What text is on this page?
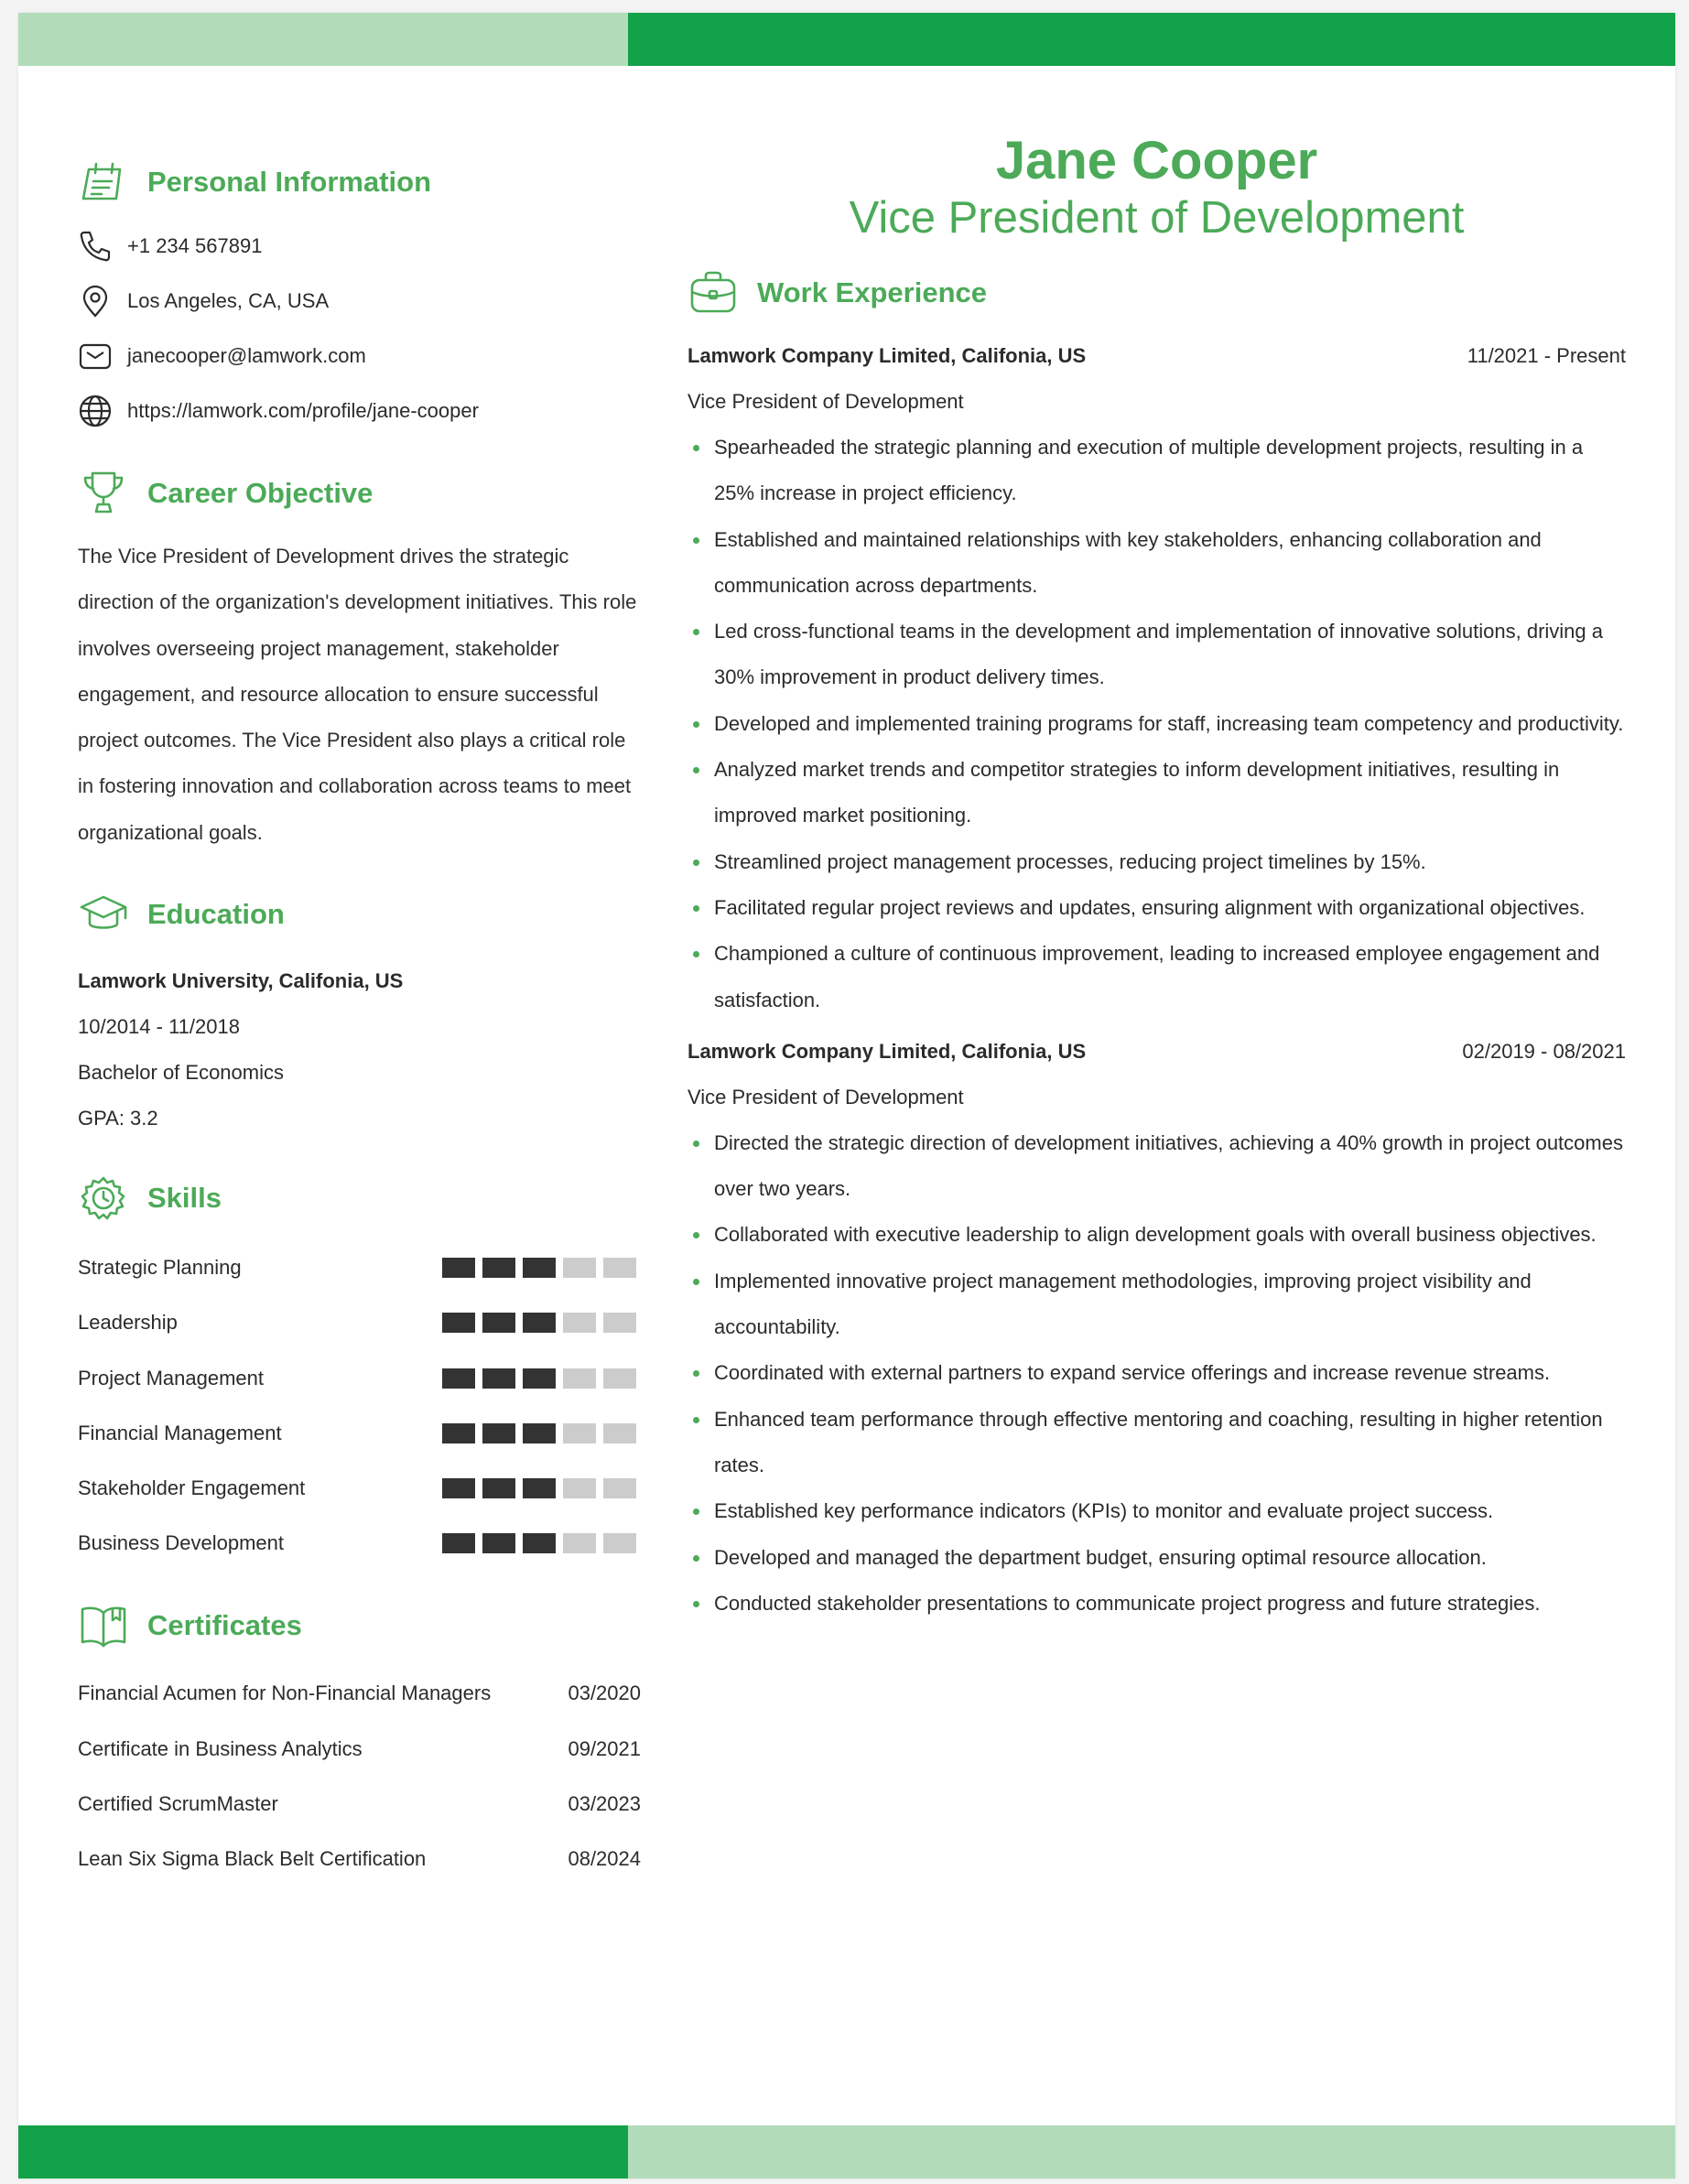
Personal Information
+1 234 567891
Los Angeles, CA, USA
janecooper@lamwork.com
https://lamwork.com/profile/jane-cooper
Career Objective
The Vice President of Development drives the strategic direction of the organization's development initiatives. This role involves overseeing project management, stakeholder engagement, and resource allocation to ensure successful project outcomes. The Vice President also plays a critical role in fostering innovation and collaboration across teams to meet organizational goals.
Education
Lamwork University, Califonia, US
10/2014 - 11/2018
Bachelor of Economics
GPA: 3.2
Skills
Strategic Planning
Leadership
Project Management
Financial Management
Stakeholder Engagement
Business Development
Certificates
Financial Acumen for Non-Financial Managers	03/2020
Certificate in Business Analytics	09/2021
Certified ScrumMaster	03/2023
Lean Six Sigma Black Belt Certification	08/2024
Jane Cooper
Vice President of Development
Work Experience
Lamwork Company Limited, Califonia, US	11/2021 - Present
Vice President of Development
Spearheaded the strategic planning and execution of multiple development projects, resulting in a 25% increase in project efficiency.
Established and maintained relationships with key stakeholders, enhancing collaboration and communication across departments.
Led cross-functional teams in the development and implementation of innovative solutions, driving a 30% improvement in product delivery times.
Developed and implemented training programs for staff, increasing team competency and productivity.
Analyzed market trends and competitor strategies to inform development initiatives, resulting in improved market positioning.
Streamlined project management processes, reducing project timelines by 15%.
Facilitated regular project reviews and updates, ensuring alignment with organizational objectives.
Championed a culture of continuous improvement, leading to increased employee engagement and satisfaction.
Lamwork Company Limited, Califonia, US	02/2019 - 08/2021
Vice President of Development
Directed the strategic direction of development initiatives, achieving a 40% growth in project outcomes over two years.
Collaborated with executive leadership to align development goals with overall business objectives.
Implemented innovative project management methodologies, improving project visibility and accountability.
Coordinated with external partners to expand service offerings and increase revenue streams.
Enhanced team performance through effective mentoring and coaching, resulting in higher retention rates.
Established key performance indicators (KPIs) to monitor and evaluate project success.
Developed and managed the department budget, ensuring optimal resource allocation.
Conducted stakeholder presentations to communicate project progress and future strategies.
